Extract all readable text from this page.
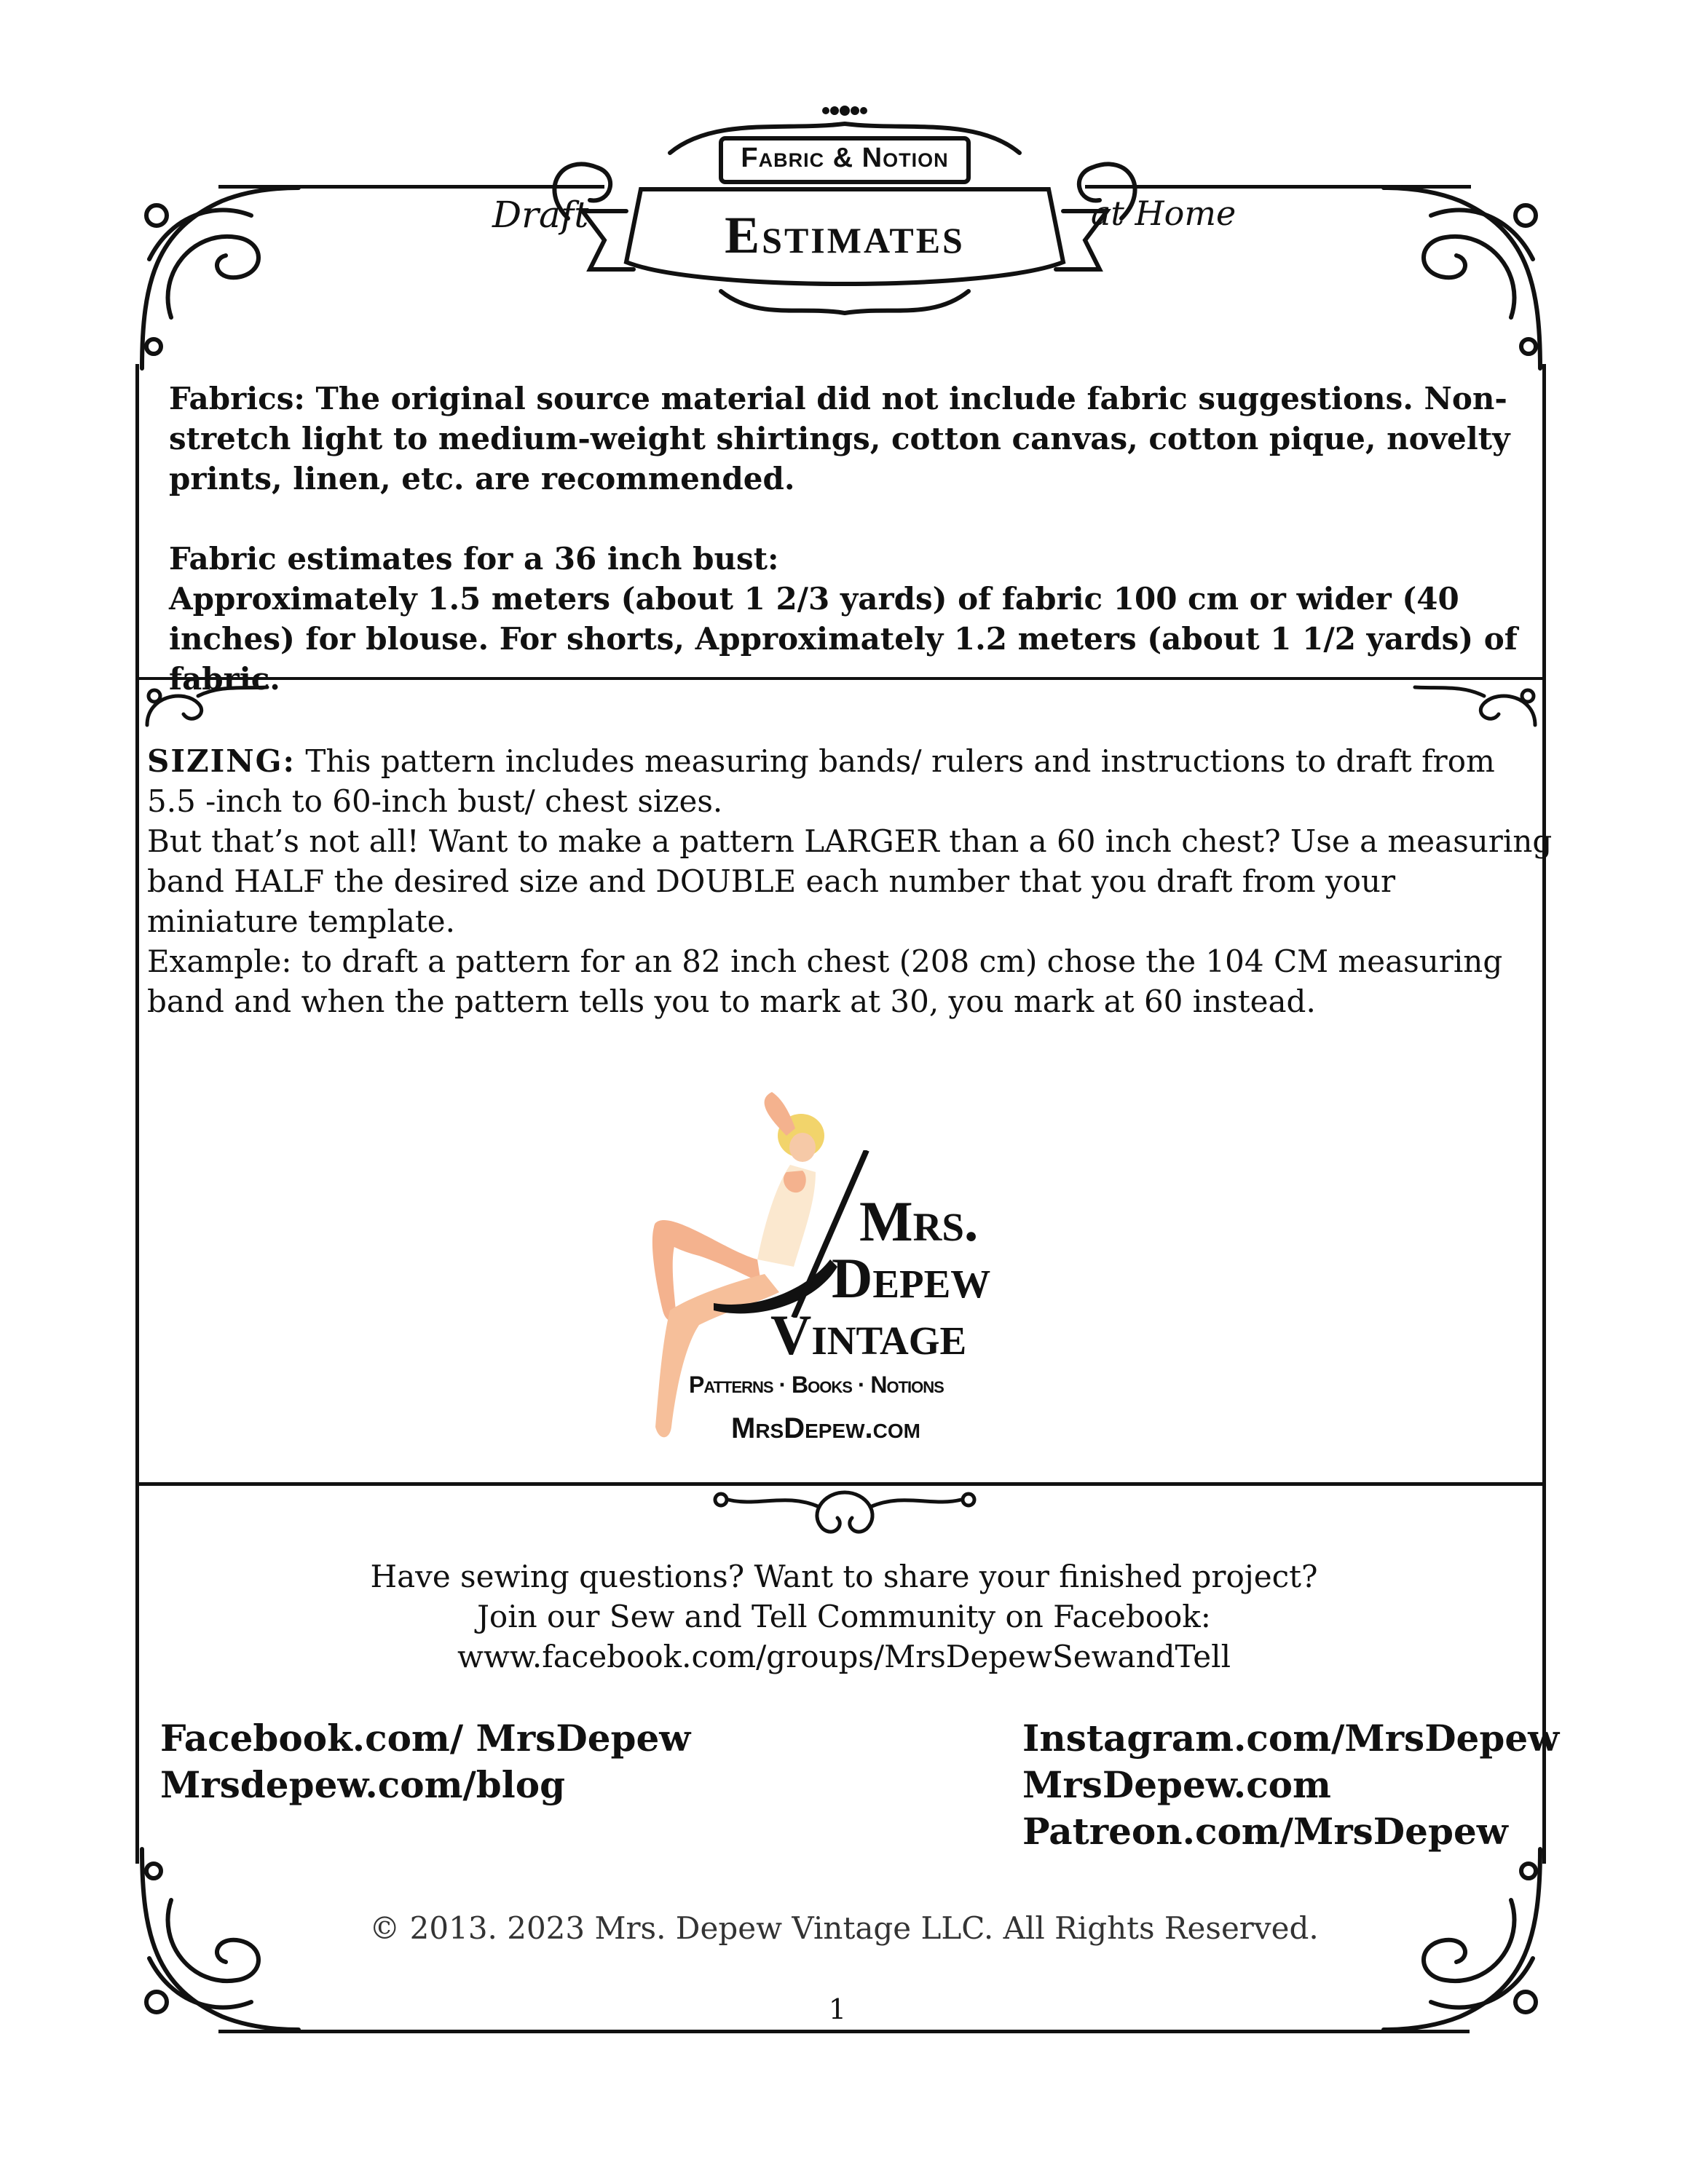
Fabric & Notion
Estimates
Draft	at Home

Fabrics: The original source material did not include fabric suggestions. Non-stretch light to medium-weight shirtings, cotton canvas, cotton pique, novelty prints, linen, etc. are recommended.

Fabric estimates for a 36 inch bust:

Approximately 1.5 meters (about 1 2/3 yards) of fabric 100 cm or wider (40 inches) for blouse. For shorts, Approximately 1.2 meters (about 1 1/2 yards) of fabric.

SIZING: This pattern includes measuring bands/ rulers and instructions to draft from 5.5 -inch to 60-inch bust/ chest sizes.

But that’s not all! Want to make a pattern LARGER than a 60 inch chest? Use a measuring band HALF the desired size and DOUBLE each number that you draft from your miniature template.

Example: to draft a pattern for an 82 inch chest (208 cm) chose the 104 CM measuring band and when the pattern tells you to mark at 30, you mark at 60 instead.

Mrs.
Depew
Vintage
Patterns · Books · Notions
MrsDepew.com
Have sewing questions? Want to share your finished project?
Join our Sew and Tell Community on Facebook:
www.facebook.com/groups/MrsDepewSewandTell
Facebook.com/ MrsDepew
Mrsdepew.com/blog
Instagram.com/MrsDepew
MrsDepew.com
Patreon.com/MrsDepew
© 2013. 2023 Mrs. Depew Vintage LLC. All Rights Reserved.
1
